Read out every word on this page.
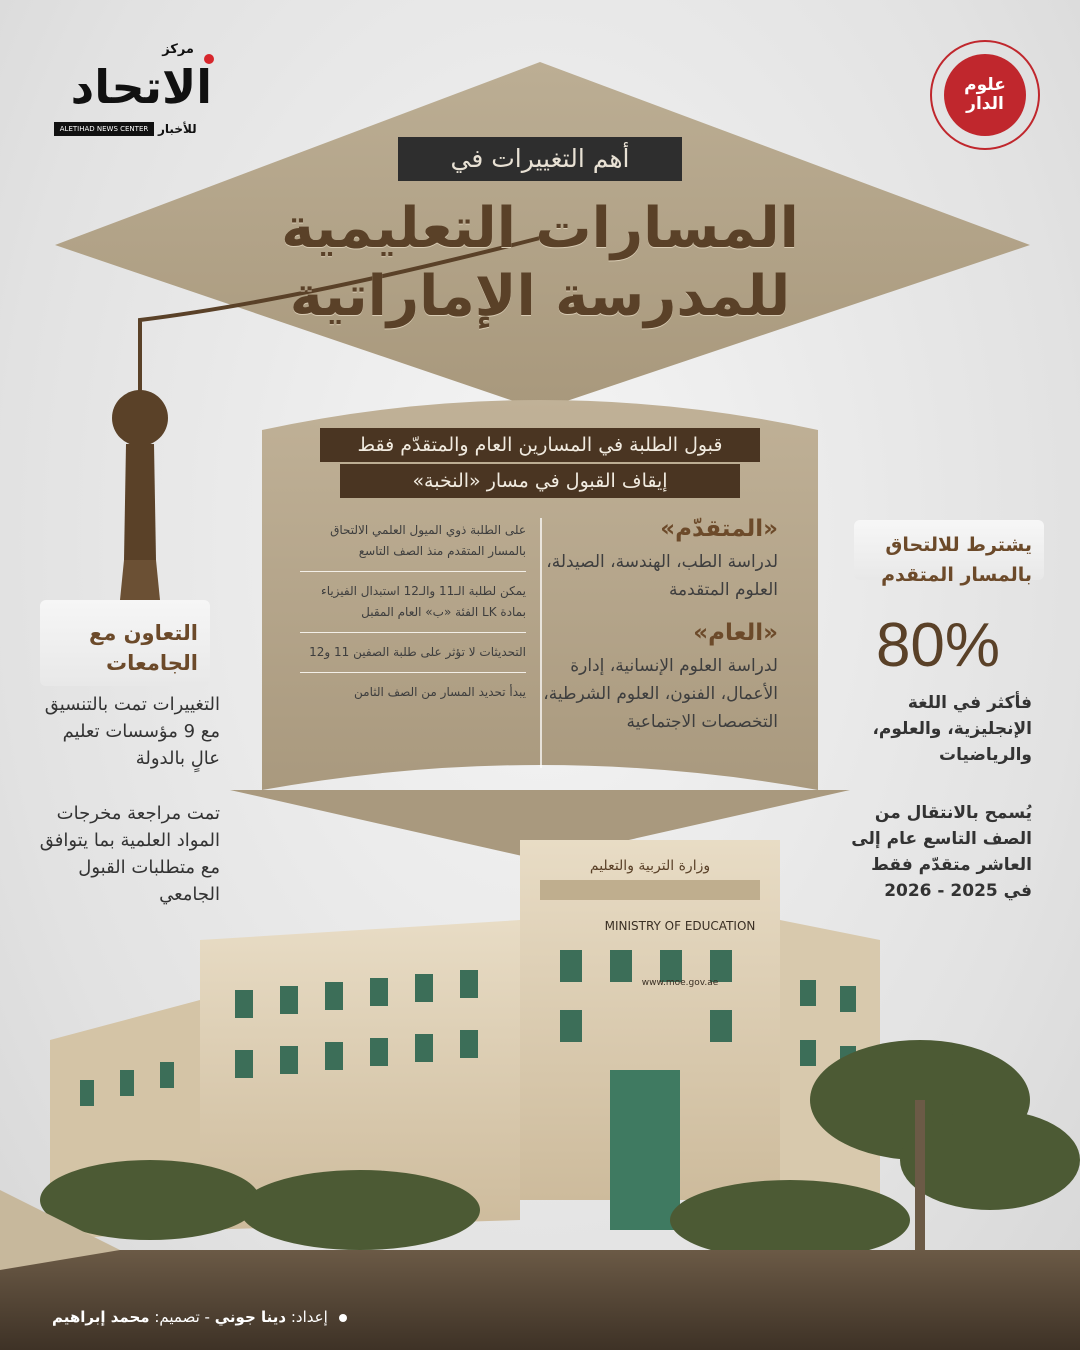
مركز
الاتحاد
ALETIHAD NEWS CENTER للأخبار
علوم
الدار
أهم التغييرات في
المسارات التعليمية
للمدرسة الإماراتية
قبول الطلبة في المسارين العام والمتقدّم فقط
إيقاف القبول في مسار «النخبة»
«المتقدّم»
لدراسة الطب، الهندسة، الصيدلة، العلوم المتقدمة
«العام»
لدراسة العلوم الإنسانية، إدارة الأعمال، الفنون، العلوم الشرطية، التخصصات الاجتماعية
على الطلبة ذوي الميول العلمي الالتحاق بالمسار المتقدم منذ الصف التاسع
يمكن لطلبة الـ11 والـ12 استبدال الفيزياء بمادة LK الفئة «ب» العام المقبل
التحديثات لا تؤثر على طلبة الصفين 11 و12
يبدأ تحديد المسار من الصف الثامن
التعاون مع الجامعات
التغييرات تمت بالتنسيق مع 9 مؤسسات تعليم عالٍ بالدولة
تمت مراجعة مخرجات المواد العلمية بما يتوافق مع متطلبات القبول الجامعي
يشترط للالتحاق بالمسار المتقدم
80%
فأكثر في اللغة الإنجليزية، والعلوم، والرياضيات
يُسمح بالانتقال من الصف التاسع عام إلى العاشر متقدّم فقط في 2025 - 2026
وزارة التربية والتعليم
MINISTRY OF EDUCATION
www.moe.gov.ae
إعداد: دينا جوني - تصميم: محمد إبراهيم
